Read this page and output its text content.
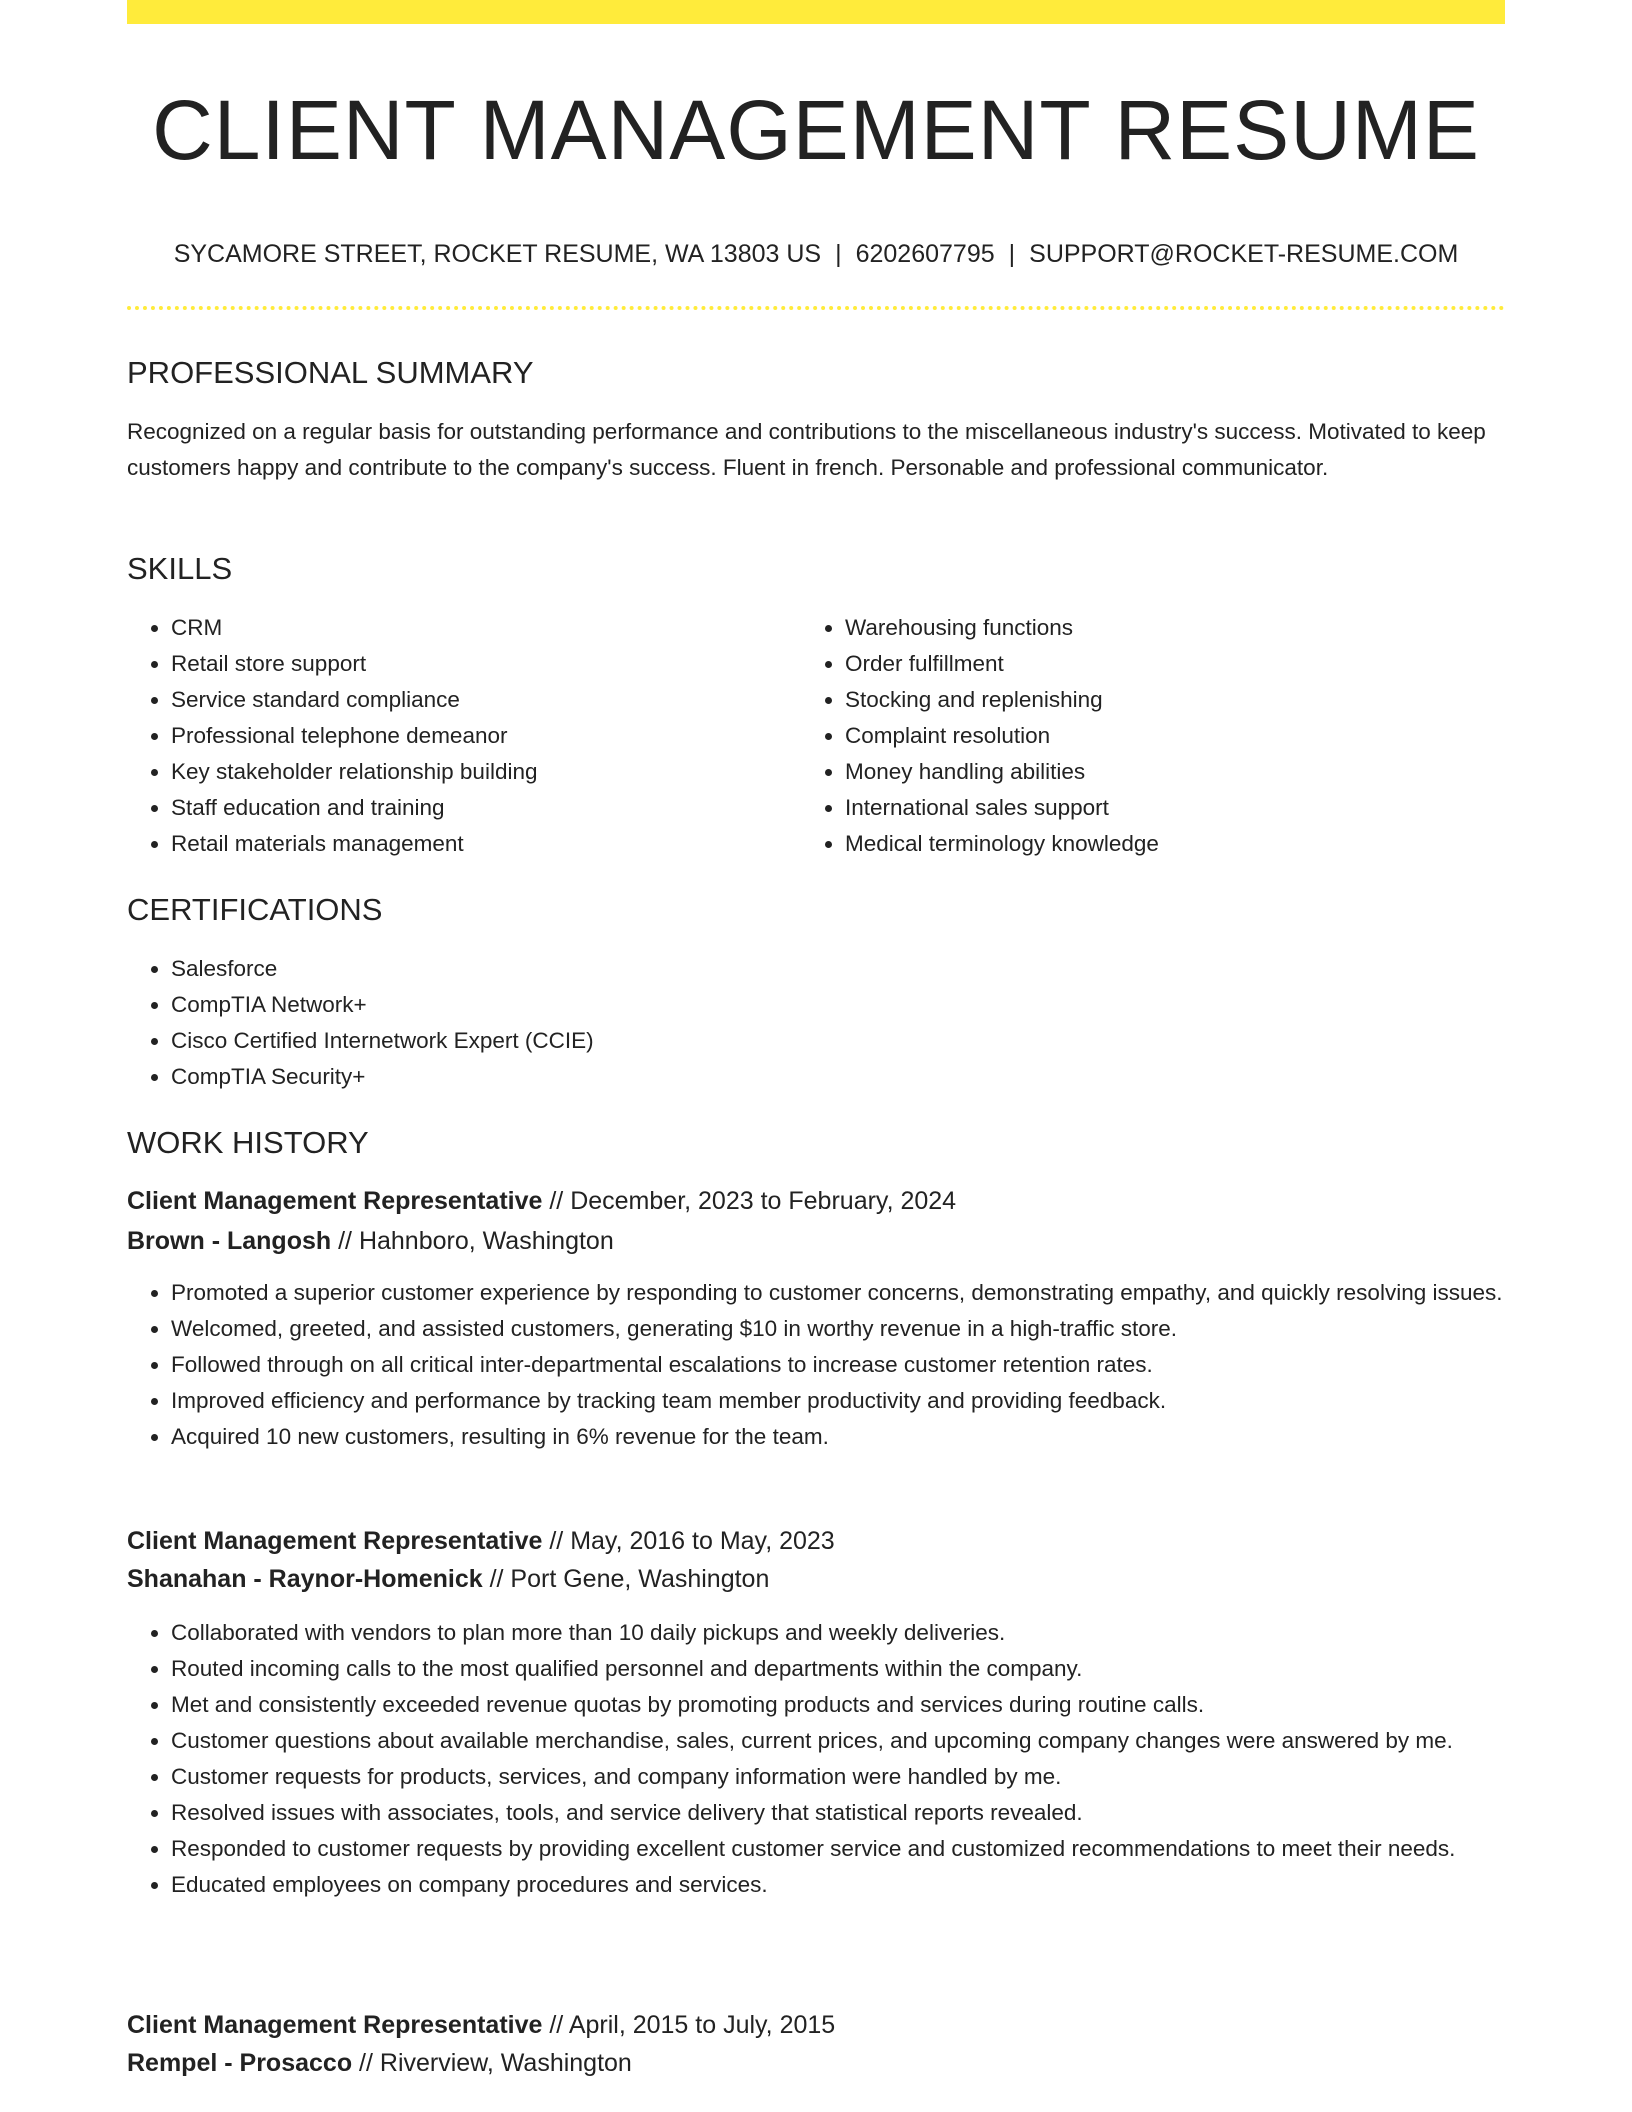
CLIENT MANAGEMENT RESUME
SYCAMORE STREET, ROCKET RESUME, WA 13803 US | 6202607795 | SUPPORT@ROCKET-RESUME.COM
PROFESSIONAL SUMMARY

Recognized on a regular basis for outstanding performance and contributions to the miscellaneous industry's success. Motivated to keep customers happy and contribute to the company's success. Fluent in french. Personable and professional communicator.

SKILLS
• CRM
• Retail store support
• Service standard compliance
• Professional telephone demeanor
• Key stakeholder relationship building
• Staff education and training
• Retail materials management
• Warehousing functions
• Order fulfillment
• Stocking and replenishing
• Complaint resolution
• Money handling abilities
• International sales support
• Medical terminology knowledge
CERTIFICATIONS
• Salesforce
• CompTIA Network+
• Cisco Certified Internetwork Expert (CCIE)
• CompTIA Security+
WORK HISTORY
Client Management Representative // December, 2023 to February, 2024
Brown - Langosh // Hahnboro, Washington
• Promoted a superior customer experience by responding to customer concerns, demonstrating empathy, and quickly resolving issues.
• Welcomed, greeted, and assisted customers, generating $10 in worthy revenue in a high-traffic store.
• Followed through on all critical inter-departmental escalations to increase customer retention rates.
• Improved efficiency and performance by tracking team member productivity and providing feedback.
• Acquired 10 new customers, resulting in 6% revenue for the team.
Client Management Representative // May, 2016 to May, 2023
Shanahan - Raynor-Homenick // Port Gene, Washington
• Collaborated with vendors to plan more than 10 daily pickups and weekly deliveries.
• Routed incoming calls to the most qualified personnel and departments within the company.
• Met and consistently exceeded revenue quotas by promoting products and services during routine calls.
• Customer questions about available merchandise, sales, current prices, and upcoming company changes were answered by me.
• Customer requests for products, services, and company information were handled by me.
• Resolved issues with associates, tools, and service delivery that statistical reports revealed.
• Responded to customer requests by providing excellent customer service and customized recommendations to meet their needs.
• Educated employees on company procedures and services.
Client Management Representative // April, 2015 to July, 2015
Rempel - Prosacco // Riverview, Washington
